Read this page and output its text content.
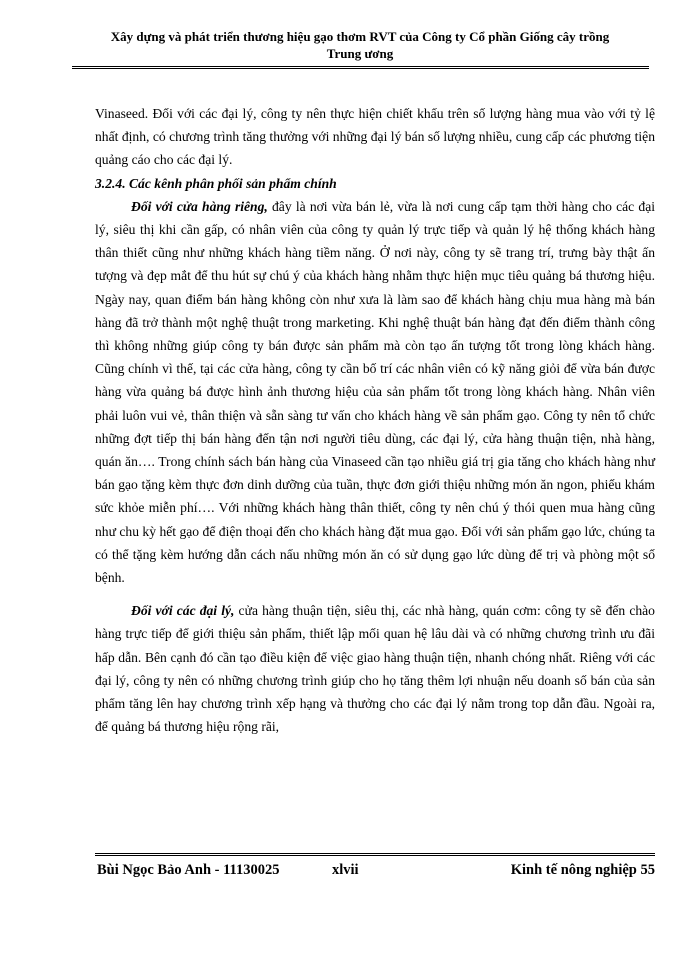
Xây dựng và phát triển thương hiệu gạo thơm RVT của Công ty Cổ phần Giống cây trồng
Trung ương

Vinaseed. Đối với các đại lý, công ty nên thực hiện chiết khấu trên số lượng hàng mua vào với tỷ lệ nhất định, có chương trình tăng thưởng với những đại lý bán số lượng nhiều, cung cấp các phương tiện quảng cáo cho các đại lý.

3.2.4. Các kênh phân phối sản phẩm chính

Đối với cửa hàng riêng, đây là nơi vừa bán lẻ, vừa là nơi cung cấp tạm thời hàng cho các đại lý, siêu thị khi cần gấp, có nhân viên của công ty quản lý trực tiếp và quản lý hệ thống khách hàng thân thiết cũng như những khách hàng tiềm năng. Ở nơi này, công ty sẽ trang trí, trưng bày thật ấn tượng và đẹp mắt để thu hút sự chú ý của khách hàng nhằm thực hiện mục tiêu quảng bá thương hiệu. Ngày nay, quan điểm bán hàng không còn như xưa là làm sao để khách hàng chịu mua hàng mà bán hàng đã trở thành một nghệ thuật trong marketing. Khi nghệ thuật bán hàng đạt đến điểm thành công thì không những giúp công ty bán được sản phẩm mà còn tạo ấn tượng tốt trong lòng khách hàng. Cũng chính vì thế, tại các cửa hàng, công ty cần bố trí các nhân viên có kỹ năng giỏi để vừa bán được hàng vừa quảng bá được hình ảnh thương hiệu của sản phẩm tốt trong lòng khách hàng. Nhân viên phải luôn vui vẻ, thân thiện và sẵn sàng tư vấn cho khách hàng về sản phẩm gạo. Công ty nên tổ chức những đợt tiếp thị bán hàng đến tận nơi người tiêu dùng, các đại lý, cửa hàng thuận tiện, nhà hàng, quán ăn…. Trong chính sách bán hàng của Vinaseed cần tạo nhiều giá trị gia tăng cho khách hàng như bán gạo tặng kèm thực đơn dinh dưỡng của tuần, thực đơn giới thiệu những món ăn ngon, phiếu khám sức khỏe miễn phí…. Với những khách hàng thân thiết, công ty nên chú ý thói quen mua hàng cũng như chu kỳ hết gạo để điện thoại đến cho khách hàng đặt mua gạo. Đối với sản phẩm gạo lức, chúng ta có thể tặng kèm hướng dẫn cách nấu những món ăn có sử dụng gạo lức dùng để trị và phòng một số bệnh.

Đối với các đại lý, cửa hàng thuận tiện, siêu thị, các nhà hàng, quán cơm: công ty sẽ đến chào hàng trực tiếp để giới thiệu sản phẩm, thiết lập mối quan hệ lâu dài và có những chương trình ưu đãi hấp dẫn. Bên cạnh đó cần tạo điều kiện để việc giao hàng thuận tiện, nhanh chóng nhất. Riêng với các đại lý, công ty nên có những chương trình giúp cho họ tăng thêm lợi nhuận nếu doanh số bán của sản phẩm tăng lên hay chương trình xếp hạng và thưởng cho các đại lý nằm trong top dẫn đầu. Ngoài ra, để quảng bá thương hiệu rộng rãi,

Bùi Ngọc Bảo Anh - 11130025	xlvii	Kinh tế nông nghiệp 55
